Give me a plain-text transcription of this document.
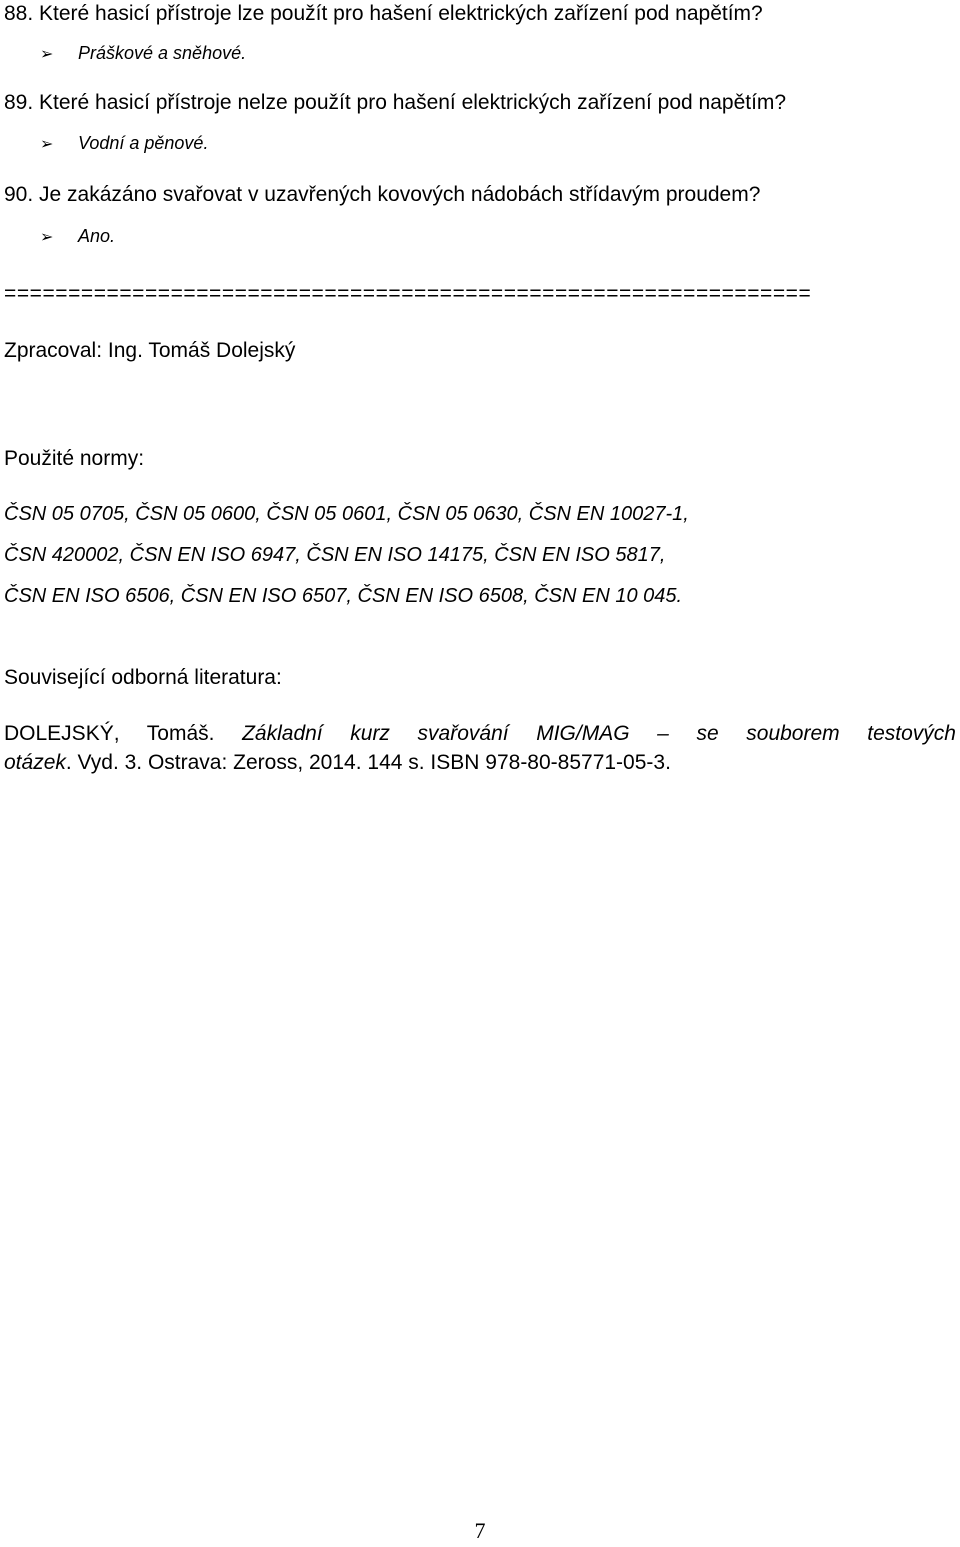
88. Které hasicí přístroje lze použít pro hašení elektrických zařízení pod napětím?
➢ Práškové a sněhové.
89. Které hasicí přístroje nelze použít pro hašení elektrických zařízení pod napětím?
➢ Vodní a pěnové.
90. Je zakázáno svařovat v uzavřených kovových nádobách střídavým proudem?
➢ Ano.
===============================================================
Zpracoval: Ing. Tomáš Dolejský
Použité normy:
ČSN 05 0705, ČSN 05 0600, ČSN 05 0601, ČSN 05 0630, ČSN EN 10027-1,
ČSN 420002, ČSN EN ISO 6947, ČSN EN ISO 14175, ČSN EN ISO 5817,
ČSN EN ISO 6506, ČSN EN ISO 6507, ČSN EN ISO 6508, ČSN EN 10 045.
Související odborná literatura:
DOLEJSKÝ, Tomáš. Základní kurz svařování MIG/MAG – se souborem testových
otázek. Vyd. 3. Ostrava: Zeross, 2014. 144 s. ISBN 978-80-85771-05-3.
7
